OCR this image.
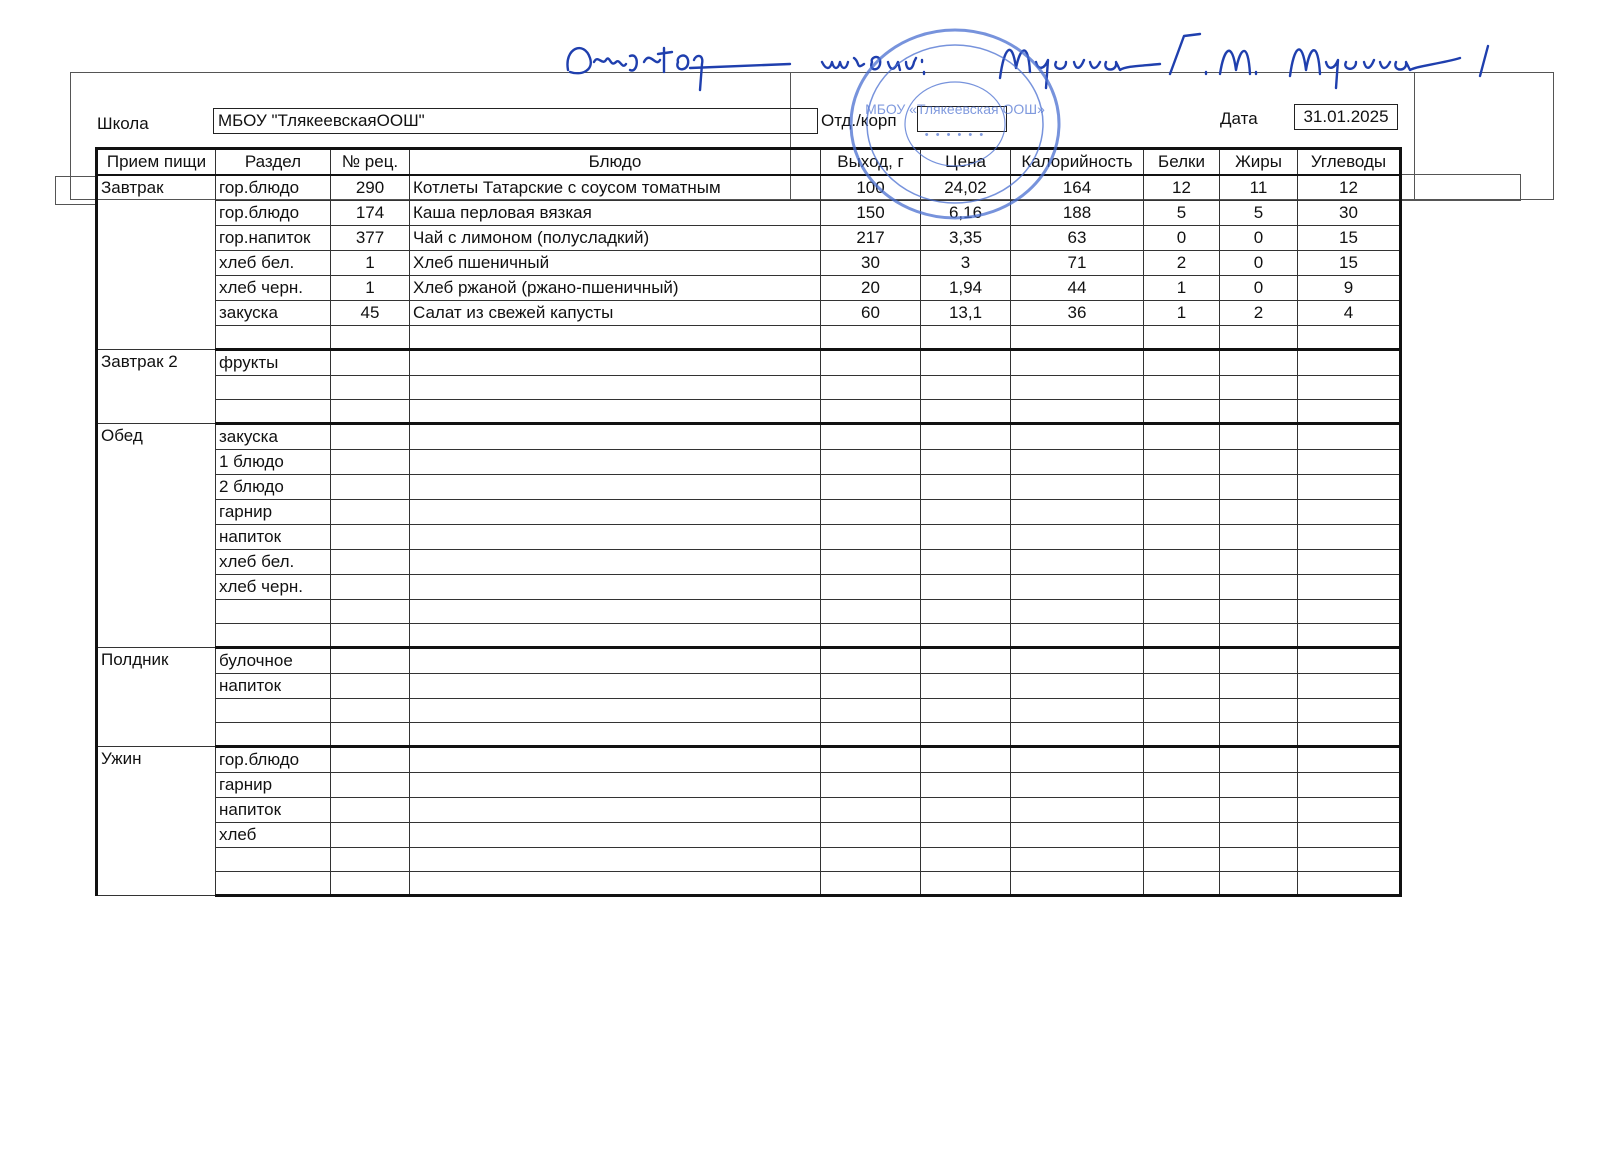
Школа	МБОУ "ТлякеевскаяООШ"	Отд./корп	Дата	31.01.2025
Прием пищи	Раздел	№ рец.	Блюдо	Выход, г	Цена	Калорийность	Белки	Жиры	Углеводы
Завтрак	гор.блюдо	290	Котлеты Татарские с соусом томатным	100	24,02	164	12	11	12
	гор.блюдо	174	Каша перловая вязкая	150	6,16	188	5	5	30
	гор.напиток	377	Чай с лимоном (полусладкий)	217	3,35	63	0	0	15
	хлеб бел.	1	Хлеб пшеничный	30	3	71	2	0	15
	хлеб черн.	1	Хлеб ржаной (ржано-пшеничный)	20	1,94	44	1	0	9
	закуска	45	Салат из свежей капусты	60	13,1	36	1	2	4

Завтрак 2	фрукты								

Обед	закуска								
	1 блюдо								
	2 блюдо								
	гарнир								
	напиток								
	хлеб бел.								
	хлеб черн.								

Полдник	булочное								
	напиток								

Ужин	гор.блюдо								
	гарнир								
	напиток								
	хлеб								

МБОУ «Тлякеевская ООШ»
• • • • • •
